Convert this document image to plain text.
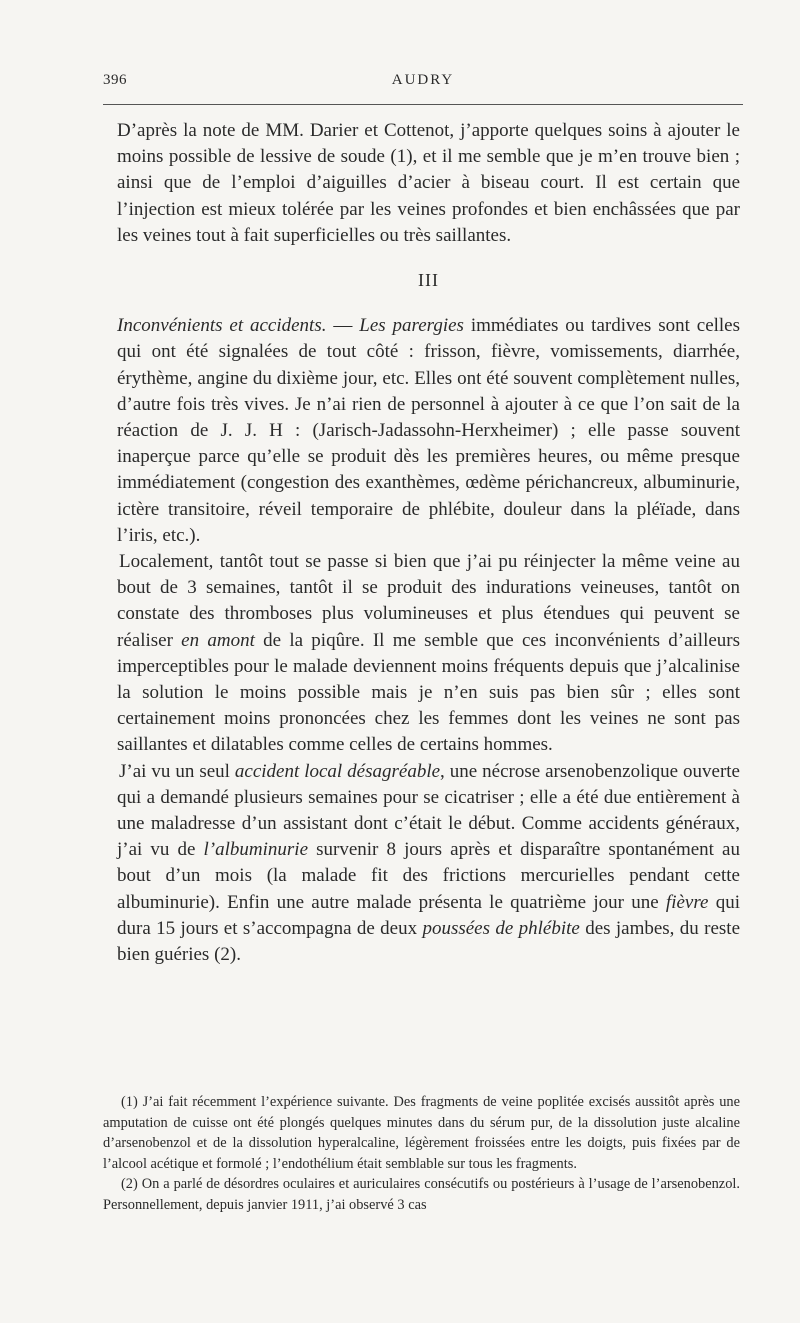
396	AUDRY

D’après la note de MM. Darier et Cottenot, j’apporte quelques soins à ajouter le moins possible de lessive de soude (1), et il me semble que je m’en trouve bien ; ainsi que de l’emploi d’aiguilles d’acier à biseau court. Il est certain que l’injection est mieux tolérée par les veines profondes et bien enchâssées que par les veines tout à fait superficielles ou très saillantes.

III

Inconvénients et accidents. — Les parergies immédiates ou tardives sont celles qui ont été signalées de tout côté : frisson, fièvre, vomissements, diarrhée, érythème, angine du dixième jour, etc. Elles ont été souvent complètement nulles, d’autre fois très vives. Je n’ai rien de personnel à ajouter à ce que l’on sait de la réaction de J. J. H : (Jarisch-Jadassohn-Herxheimer) ; elle passe souvent inaperçue parce qu’elle se produit dès les premières heures, ou même presque immédiatement (congestion des exanthèmes, œdème périchancreux, albuminurie, ictère transitoire, réveil temporaire de phlébite, douleur dans la pléïade, dans l’iris, etc.).

Localement, tantôt tout se passe si bien que j’ai pu réinjecter la même veine au bout de 3 semaines, tantôt il se produit des indurations veineuses, tantôt on constate des thromboses plus volumineuses et plus étendues qui peuvent se réaliser en amont de la piqûre. Il me semble que ces inconvénients d’ailleurs imperceptibles pour le malade deviennent moins fréquents depuis que j’alcalinise la solution le moins possible mais je n’en suis pas bien sûr ; elles sont certainement moins prononcées chez les femmes dont les veines ne sont pas saillantes et dilatables comme celles de certains hommes.

J’ai vu un seul accident local désagréable, une nécrose arsenobenzolique ouverte qui a demandé plusieurs semaines pour se cicatriser ; elle a été due entièrement à une maladresse d’un assistant dont c’était le début. Comme accidents généraux, j’ai vu de l’albuminurie survenir 8 jours après et disparaître spontanément au bout d’un mois (la malade fit des frictions mercurielles pendant cette albuminurie). Enfin une autre malade présenta le quatrième jour une fièvre qui dura 15 jours et s’accompagna de deux poussées de phlébite des jambes, du reste bien guéries (2).

(1) J’ai fait récemment l’expérience suivante. Des fragments de veine poplitée excisés aussitôt après une amputation de cuisse ont été plongés quelques minutes dans du sérum pur, de la dissolution juste alcaline d’arsenobenzol et de la dissolution hyperalcaline, légèrement froissées entre les doigts, puis fixées par de l’alcool acétique et formolé ; l’endothélium était semblable sur tous les fragments.

(2) On a parlé de désordres oculaires et auriculaires consécutifs ou postérieurs à l’usage de l’arsenobenzol. Personnellement, depuis janvier 1911, j’ai observé 3 cas
